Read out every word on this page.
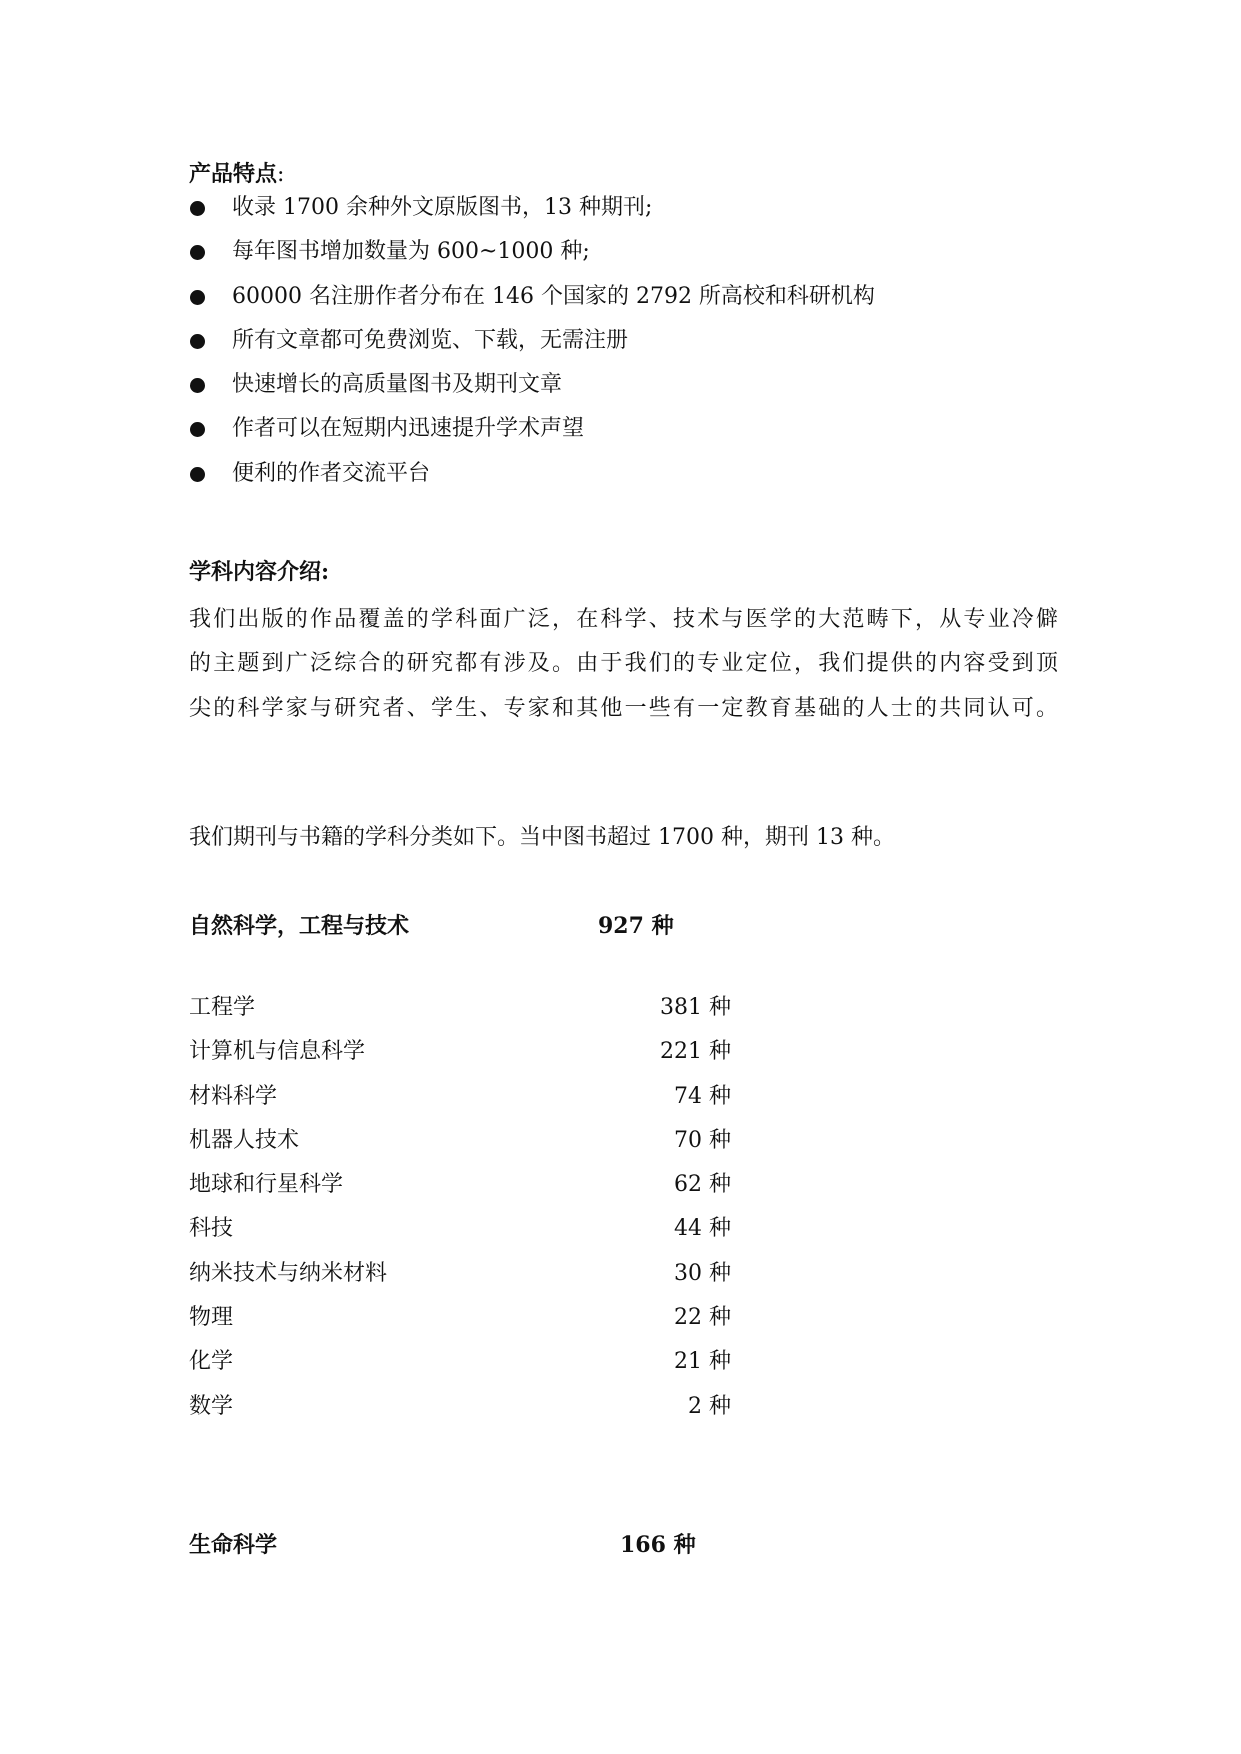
产品特点:
收录 1700 余种外文原版图书，13 种期刊;
每年图书增加数量为 600~1000 种;
60000 名注册作者分布在 146 个国家的 2792 所高校和科研机构
所有文章都可免费浏览、下载，无需注册
快速增长的高质量图书及期刊文章
作者可以在短期内迅速提升学术声望
便利的作者交流平台
学科内容介绍:

我们出版的作品覆盖的学科面广泛，在科学、技术与医学的大范畴下，从专业冷僻的主题到广泛综合的研究都有涉及。由于我们的专业定位，我们提供的内容受到顶尖的科学家与研究者、学生、专家和其他一些有一定教育基础的人士的共同认可。

我们期刊与书籍的学科分类如下。当中图书超过 1700 种，期刊 13 种。
自然科学，工程与技术	927 种
工程学	381 种
计算机与信息科学	221 种
材料科学	74 种
机器人技术	70 种
地球和行星科学	62 种
科技	44 种
纳米技术与纳米材料	30 种
物理	22 种
化学	21 种
数学	2 种
生命科学	166 种
